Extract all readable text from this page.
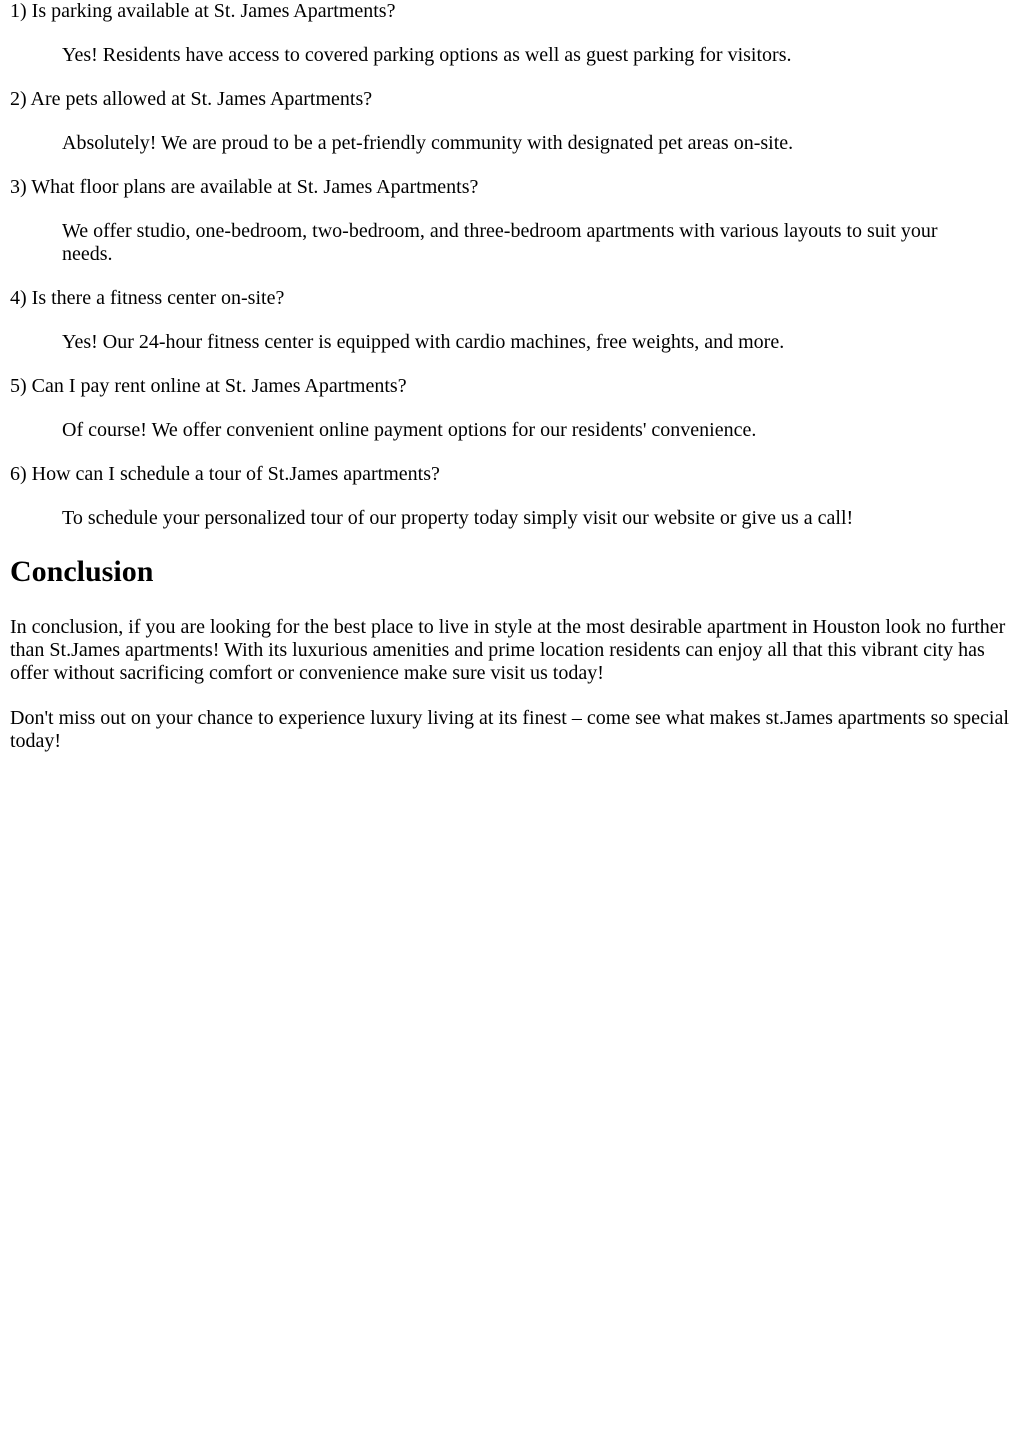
1) Is parking available at St. James Apartments?

Yes! Residents have access to covered parking options as well as guest parking for visitors.

2) Are pets allowed at St. James Apartments?

Absolutely! We are proud to be a pet-friendly community with designated pet areas on-site.

3) What floor plans are available at St. James Apartments?

We offer studio, one-bedroom, two-bedroom, and three-bedroom apartments with various layouts to suit your needs.

4) Is there a fitness center on-site?

Yes! Our 24-hour fitness center is equipped with cardio machines, free weights, and more.

5) Can I pay rent online at St. James Apartments?

Of course! We offer convenient online payment options for our residents' convenience.

6) How can I schedule a tour of St.James apartments?

To schedule your personalized tour of our property today simply visit our website or give us a call!

Conclusion

In conclusion, if you are looking for the best place to live in style at the most desirable apartment in Houston look no further than St.James apartments! With its luxurious amenities and prime location residents can enjoy all that this vibrant city has offer without sacrificing comfort or convenience make sure visit us today!

Don't miss out on your chance to experience luxury living at its finest – come see what makes st.James apartments so special today!
